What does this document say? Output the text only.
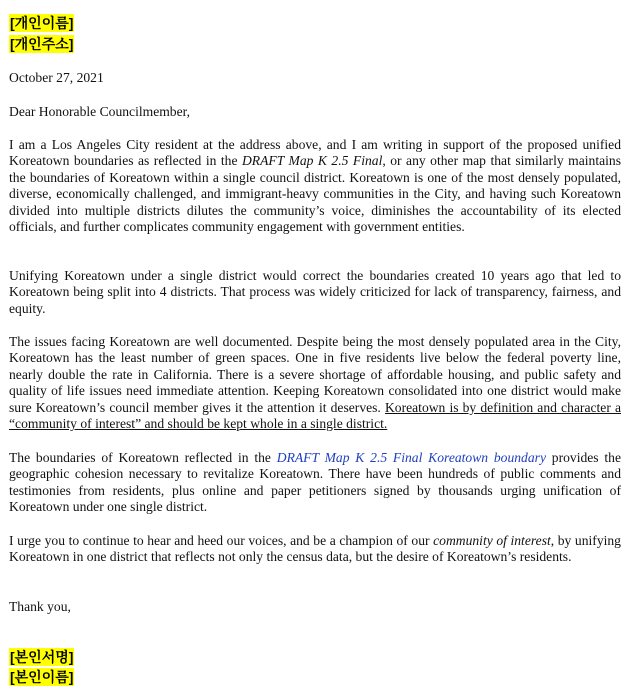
[개인이름]
[개인주소]

October 27, 2021

Dear Honorable Councilmember,

I am a Los Angeles City resident at the address above, and I am writing in support of the proposed unified Koreatown boundaries as reflected in the DRAFT Map K 2.5 Final, or any other map that similarly maintains the boundaries of Koreatown within a single council district. Koreatown is one of the most densely populated, diverse, economically challenged, and immigrant-heavy communities in the City, and having such Koreatown divided into multiple districts dilutes the community’s voice, diminishes the accountability of its elected officials, and further complicates community engagement with government entities.

Unifying Koreatown under a single district would correct the boundaries created 10 years ago that led to Koreatown being split into 4 districts. That process was widely criticized for lack of transparency, fairness, and equity.

The issues facing Koreatown are well documented. Despite being the most densely populated area in the City, Koreatown has the least number of green spaces. One in five residents live below the federal poverty line, nearly double the rate in California. There is a severe shortage of affordable housing, and public safety and quality of life issues need immediate attention. Keeping Koreatown consolidated into one district would make sure Koreatown’s council member gives it the attention it deserves. Koreatown is by definition and character a “community of interest” and should be kept whole in a single district.

The boundaries of Koreatown reflected in the DRAFT Map K 2.5 Final Koreatown boundary provides the geographic cohesion necessary to revitalize Koreatown. There have been hundreds of public comments and testimonies from residents, plus online and paper petitioners signed by thousands urging unification of Koreatown under one single district.

I urge you to continue to hear and heed our voices, and be a champion of our community of interest, by unifying Koreatown in one district that reflects not only the census data, but the desire of Koreatown’s residents.

Thank you,

[본인서명]
[본인이름]
